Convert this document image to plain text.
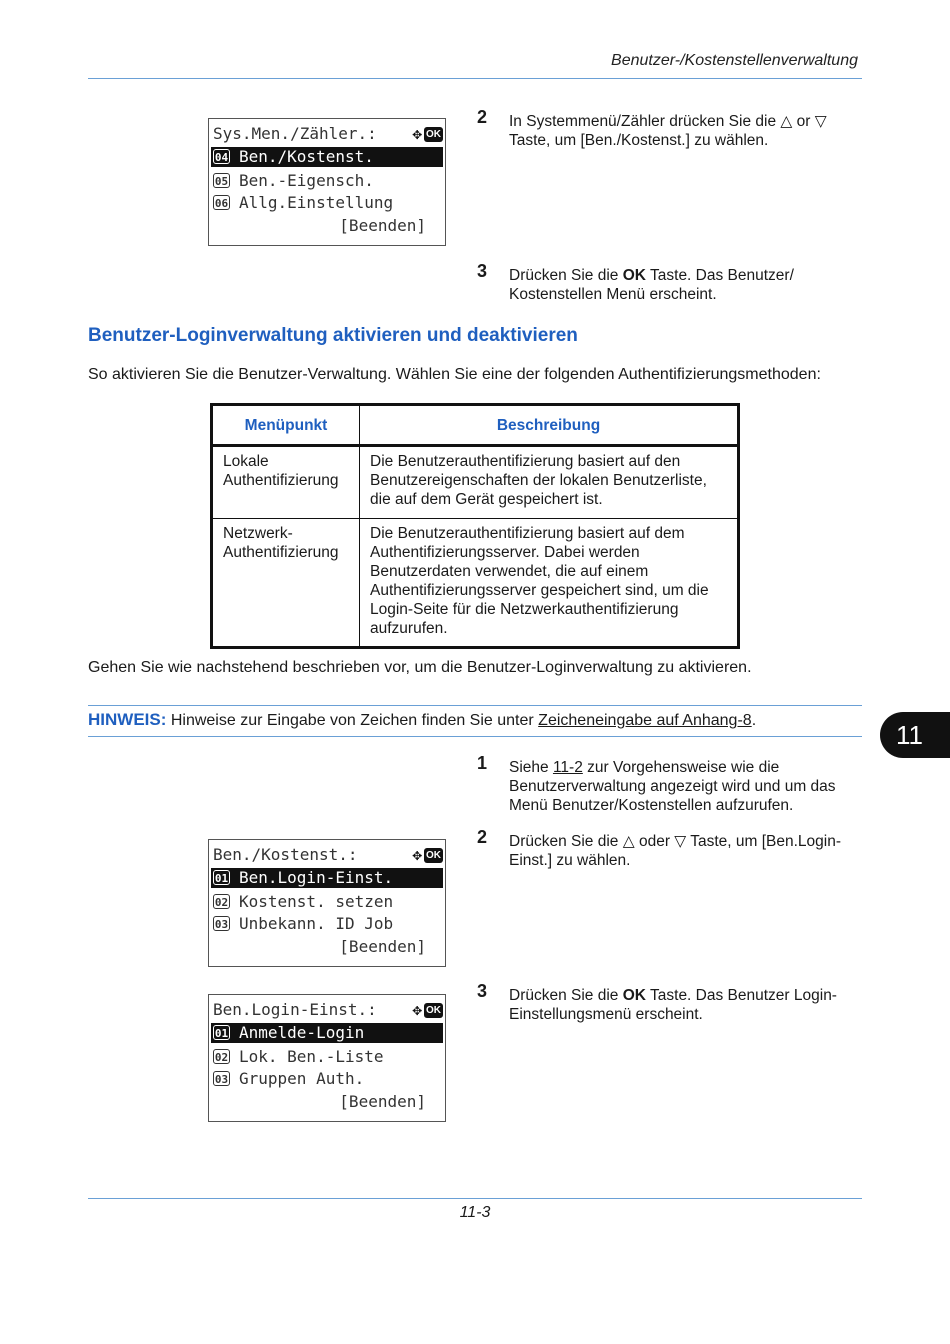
Benutzer-/Kostenstellenverwaltung
Sys.Men./Zähler.: ✥ OK
04 Ben./Kostenst.
05 Ben.-Eigensch.
06 Allg.Einstellung
[Beenden]
2 In Systemmenü/Zähler drücken Sie die △ or ▽ Taste, um [Ben./Kostenst.] zu wählen.
3 Drücken Sie die OK Taste. Das Benutzer/ Kostenstellen Menü erscheint.
Benutzer-Loginverwaltung aktivieren und deaktivieren
So aktivieren Sie die Benutzer-Verwaltung. Wählen Sie eine der folgenden Authentifizierungsmethoden:
Menüpunkt	Beschreibung
Lokale Authentifizierung	Die Benutzerauthentifizierung basiert auf den Benutzereigenschaften der lokalen Benutzerliste, die auf dem Gerät gespeichert ist.
Netzwerk-Authentifizierung	Die Benutzerauthentifizierung basiert auf dem Authentifizierungsserver. Dabei werden Benutzerdaten verwendet, die auf einem Authentifizierungsserver gespeichert sind, um die Login-Seite für die Netzwerkauthentifizierung aufzurufen.
Gehen Sie wie nachstehend beschrieben vor, um die Benutzer-Loginverwaltung zu aktivieren.
HINWEIS: Hinweise zur Eingabe von Zeichen finden Sie unter Zeicheneingabe auf Anhang-8.	11
1 Siehe 11-2 zur Vorgehensweise wie die Benutzerverwaltung angezeigt wird und um das Menü Benutzer/Kostenstellen aufzurufen.
2 Drücken Sie die △ oder ▽ Taste, um [Ben.Login-Einst.] zu wählen.
3 Drücken Sie die OK Taste. Das Benutzer Login-Einstellungsmenü erscheint.
Ben./Kostenst.:	✥ OK
01 Ben.Login-Einst.
02 Kostenst. setzen
03 Unbekann. ID Job
[Beenden]
Ben.Login-Einst.: ✥ OK
01 Anmelde-Login
02 Lok. Ben.-Liste
03 Gruppen Auth.
[Beenden]
11-3
